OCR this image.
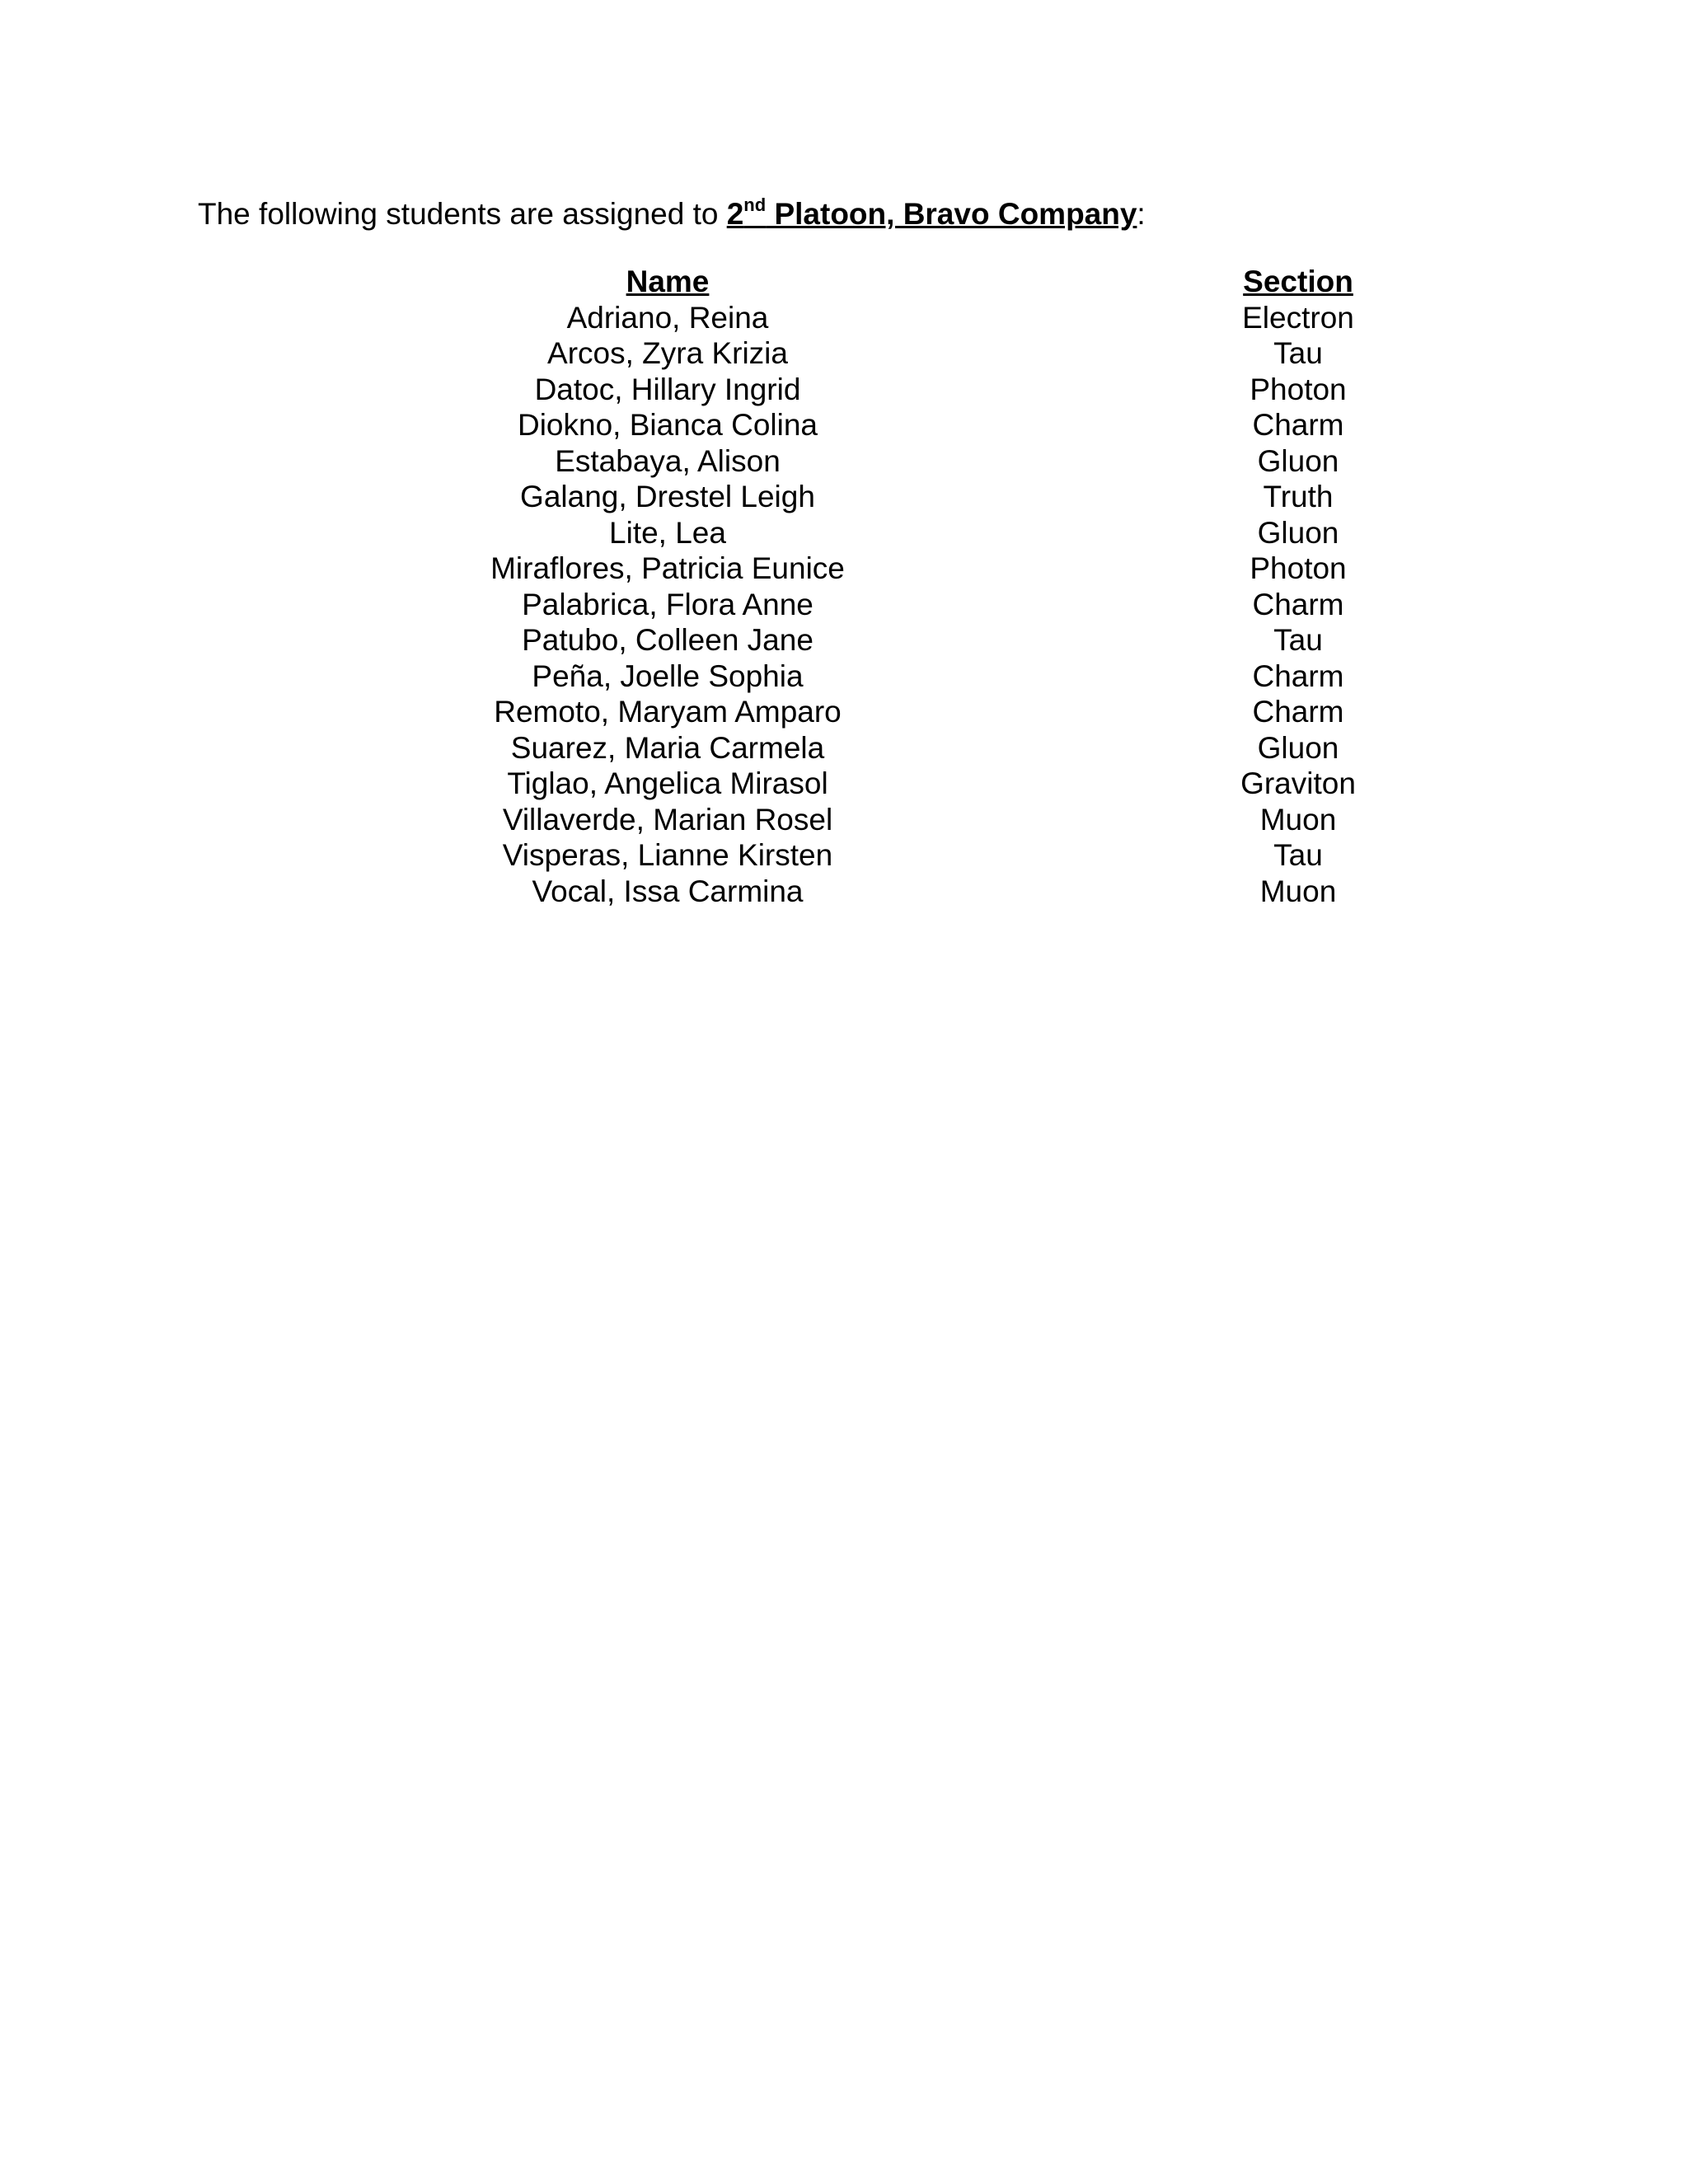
The following students are assigned to 2nd Platoon, Bravo Company:
Name
Adriano, Reina
Arcos, Zyra Krizia
Datoc, Hillary Ingrid
Diokno, Bianca Colina
Estabaya, Alison
Galang, Drestel Leigh
Lite, Lea
Miraflores, Patricia Eunice
Palabrica, Flora Anne
Patubo, Colleen Jane
Peña, Joelle Sophia
Remoto, Maryam Amparo
Suarez, Maria Carmela
Tiglao, Angelica Mirasol
Villaverde, Marian Rosel
Visperas, Lianne Kirsten
Vocal, Issa Carmina
Section
Electron
Tau
Photon
Charm
Gluon
Truth
Gluon
Photon
Charm
Tau
Charm
Charm
Gluon
Graviton
Muon
Tau
Muon
